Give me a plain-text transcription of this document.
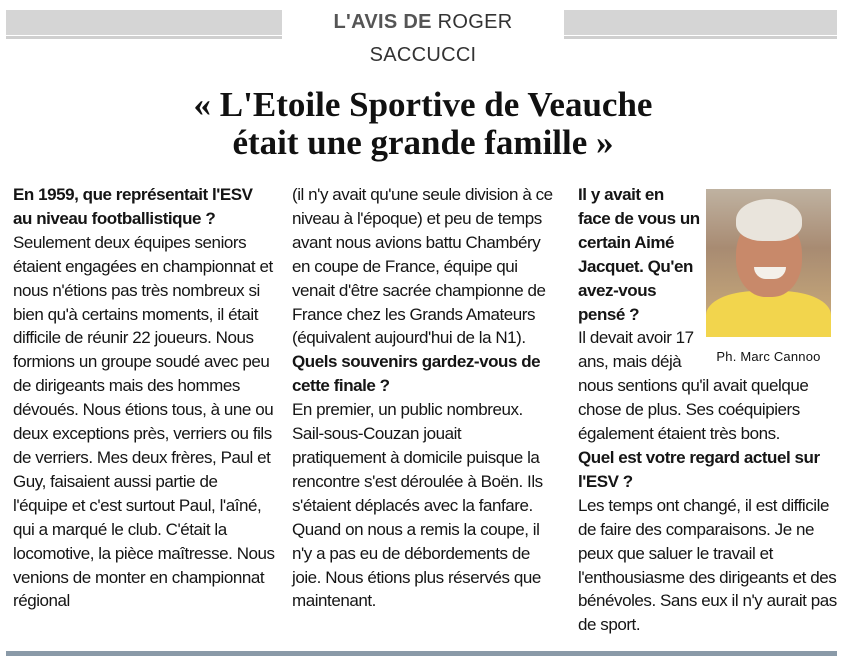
L'AVIS DE ROGER SACCUCCI
« L'Etoile Sportive de Veauche
était une grande famille »

En 1959, que représentait l'ESV au niveau footballistique ?

Seulement deux équipes seniors étaient engagées en championnat et nous n'étions pas très nombreux si bien qu'à certains moments, il était difficile de réunir 22 joueurs. Nous formions un groupe soudé avec peu de dirigeants mais des hommes dévoués. Nous étions tous, à une ou deux exceptions près, verriers ou fils de verriers. Mes deux frères, Paul et Guy, faisaient aussi partie de l'équipe et c'est surtout Paul, l'aîné, qui a marqué le club. C'était la locomotive, la pièce maîtresse. Nous venions de monter en championnat régional

(il n'y avait qu'une seule division à ce niveau à l'époque) et peu de temps avant nous avions battu Chambéry en coupe de France, équipe qui venait d'être sacrée championne de France chez les Grands Amateurs (équivalent aujourd'hui de la N1).

Quels souvenirs gardez-vous de cette finale ?

En premier, un public nombreux. Sail-sous-Couzan jouait pratiquement à domicile puisque la rencontre s'est déroulée à Boën. Ils s'étaient déplacés avec la fanfare. Quand on nous a remis la coupe, il n'y a pas eu de débordements de joie. Nous étions plus réservés que maintenant.

Il y avait en face de vous un certain Aimé Jacquet. Qu'en avez-vous pensé ?

Il devait avoir 17 ans, mais déjà

nous sentions qu'il avait quelque chose de plus. Ses coéquipiers également étaient très bons.

Quel est votre regard actuel sur l'ESV ?

Les temps ont changé, il est difficile de faire des comparaisons. Je ne peux que saluer le travail et l'enthousiasme des dirigeants et des bénévoles. Sans eux il n'y aurait pas de sport.

Ph. Marc Cannoo
